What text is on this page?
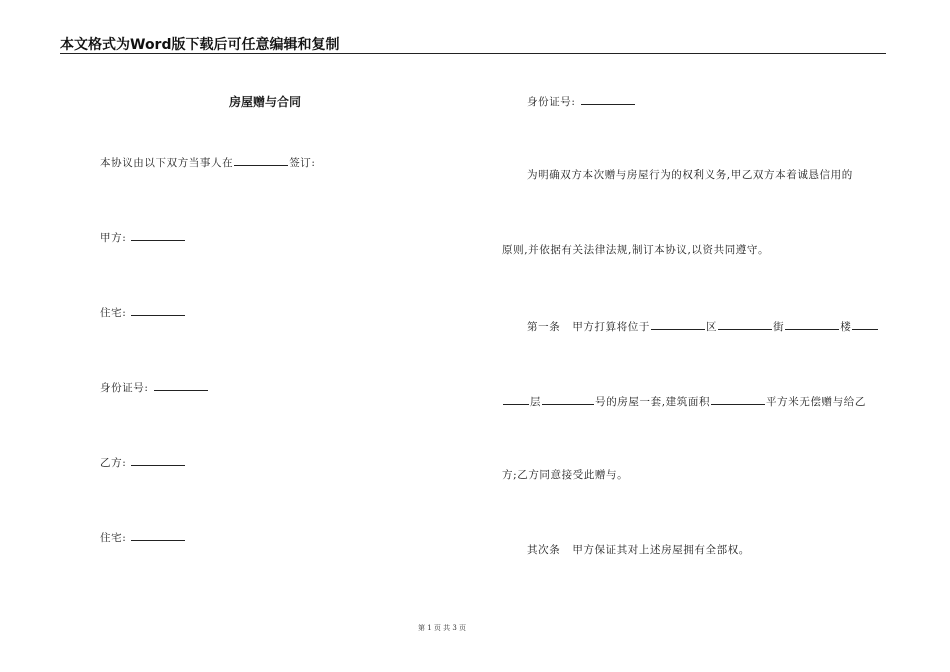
本文格式为Word版下载后可任意编辑和复制
房屋赠与合同
本协议由以下双方当事人在	签订:
甲方:
住宅:
身份证号:
乙方:
住宅:
身份证号:
为明确双方本次赠与房屋行为的权利义务,甲乙双方本着诚恳信用的
原则,并依据有关法律法规,制订本协议,以资共同遵守。
第一条 甲方打算将位于	区	街	楼
层	号的房屋一套,建筑面积	平方米无偿赠与给乙
方;乙方同意接受此赠与。
其次条 甲方保证其对上述房屋拥有全部权。
第 1 页 共 3 页
